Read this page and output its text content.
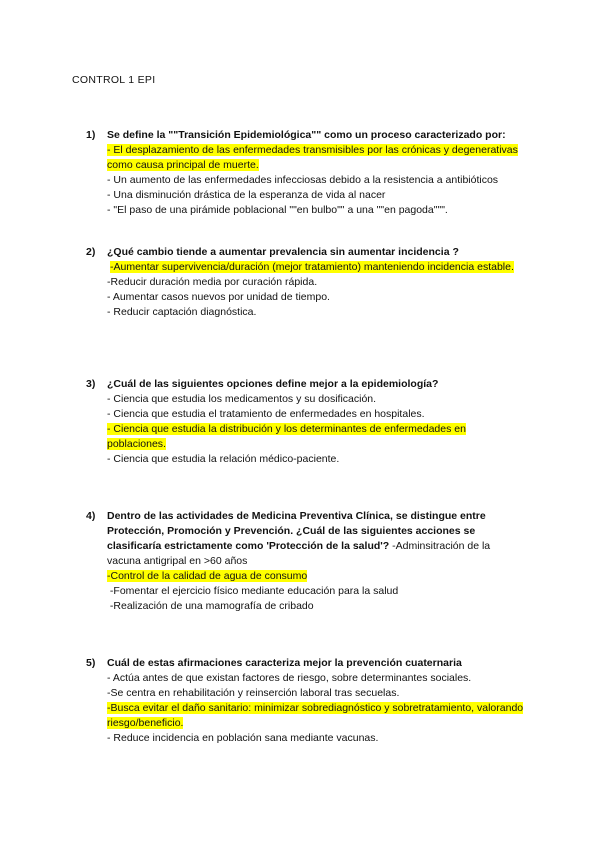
CONTROL 1 EPI
1) Se define la ""Transición Epidemiológica"" como un proceso caracterizado por:
- El desplazamiento de las enfermedades transmisibles por las crónicas y degenerativas como causa principal de muerte.
- Un aumento de las enfermedades infecciosas debido a la resistencia a antibióticos
- Una disminución drástica de la esperanza de vida al nacer
- "El paso de una pirámide poblacional ""en bulbo"" a una ""en pagoda""".
2) ¿Qué cambio tiende a aumentar prevalencia sin aumentar incidencia ?
-Aumentar supervivencia/duración (mejor tratamiento) manteniendo incidencia estable.
-Reducir duración media por curación rápida.
- Aumentar casos nuevos por unidad de tiempo.
- Reducir captación diagnóstica.
3) ¿Cuál de las siguientes opciones define mejor a la epidemiología?
- Ciencia que estudia los medicamentos y su dosificación.
- Ciencia que estudia el tratamiento de enfermedades en hospitales.
- Ciencia que estudia la distribución y los determinantes de enfermedades en poblaciones.
- Ciencia que estudia la relación médico-paciente.
4) Dentro de las actividades de Medicina Preventiva Clínica, se distingue entre Protección, Promoción y Prevención. ¿Cuál de las siguientes acciones se clasificaría estrictamente como 'Protección de la salud'? -Adminsitración de la vacuna antigripal en >60 años
-Control de la calidad de agua de consumo
-Fomentar el ejercicio físico mediante educación para la salud
-Realización de una mamografía de cribado
5) Cuál de estas afirmaciones caracteriza mejor la prevención cuaternaria
- Actúa antes de que existan factores de riesgo, sobre determinantes sociales.
-Se centra en rehabilitación y reinserción laboral tras secuelas.
-Busca evitar el daño sanitario: minimizar sobrediagnóstico y sobretratamiento, valorando riesgo/beneficio.
- Reduce incidencia en población sana mediante vacunas.
